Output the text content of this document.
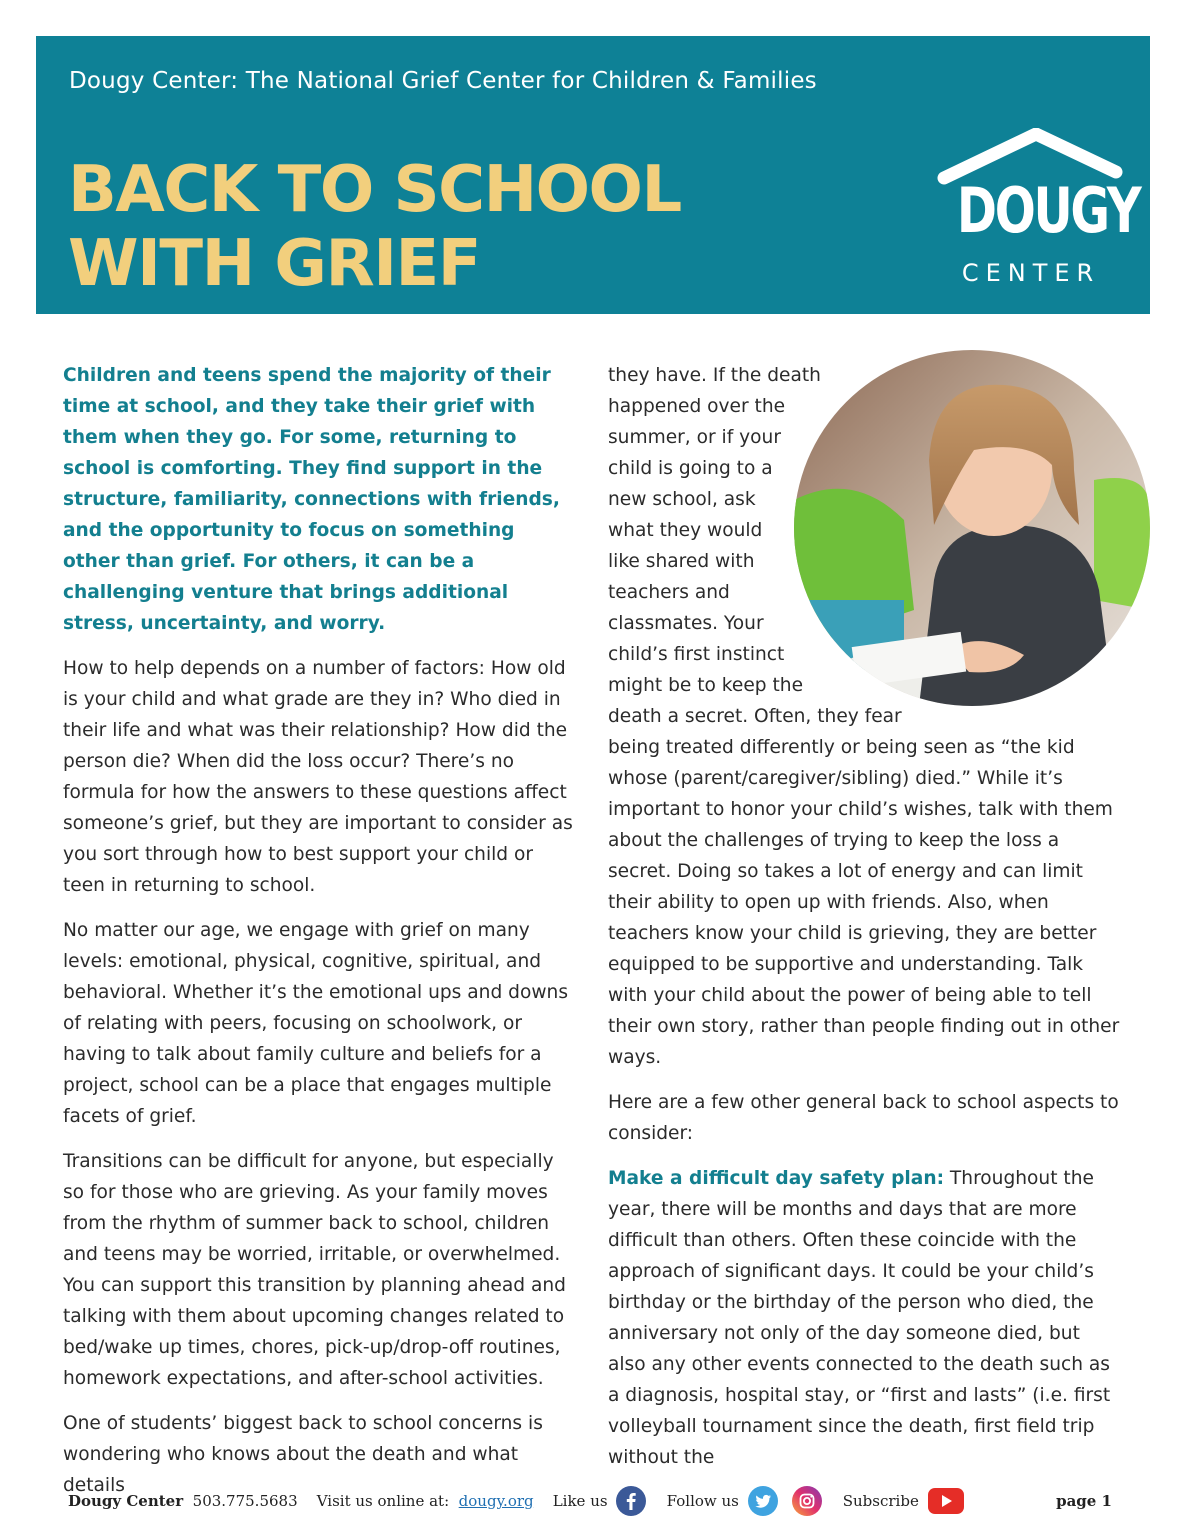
Dougy Center: The National Grief Center for Children & Families
BACK TO SCHOOL
WITH GRIEF
DOUGY
CENTER

Children and teens spend the majority of their time at school, and they take their grief with them when they go. For some, returning to school is comforting. They find support in the structure, familiarity, connections with friends, and the opportunity to focus on something other than grief. For others, it can be a challenging venture that brings additional stress, uncertainty, and worry.

How to help depends on a number of factors: How old is your child and what grade are they in? Who died in their life and what was their relationship? How did the person die? When did the loss occur? There’s no formula for how the answers to these questions affect someone’s grief, but they are important to consider as you sort through how to best support your child or teen in returning to school.

No matter our age, we engage with grief on many levels: emotional, physical, cognitive, spiritual, and behavioral. Whether it’s the emotional ups and downs of relating with peers, focusing on schoolwork, or having to talk about family culture and beliefs for a project, school can be a place that engages multiple facets of grief.

Transitions can be difficult for anyone, but especially so for those who are grieving. As your family moves from the rhythm of summer back to school, children and teens may be worried, irritable, or overwhelmed. You can support this transition by planning ahead and talking with them about upcoming changes related to bed/wake up times, chores, pick-up/drop-off routines, homework expectations, and after-school activities.

One of students’ biggest back to school concerns is wondering who knows about the death and what details

they have. If the death happened over the summer, or if your child is going to a new school, ask what they would like shared with teachers and classmates. Your child’s first instinct might be to keep the death a secret. Often, they fear being treated differently or being seen as “the kid whose (parent/caregiver/sibling) died.” While it’s important to honor your child’s wishes, talk with them about the challenges of trying to keep the loss a secret. Doing so takes a lot of energy and can limit their ability to open up with friends. Also, when teachers know your child is grieving, they are better equipped to be supportive and understanding. Talk with your child about the power of being able to tell their own story, rather than people finding out in other ways.

Here are a few other general back to school aspects to consider:

Make a difficult day safety plan: Throughout the year, there will be months and days that are more difficult than others. Often these coincide with the approach of significant days. It could be your child’s birthday or the birthday of the person who died, the anniversary not only of the day someone died, but also any other events connected to the death such as a diagnosis, hospital stay, or “first and lasts” (i.e. first volleyball tournament since the death, first field trip without the

Dougy Center 503.775.5683 Visit us online at: dougy.org Like us	Follow us	Subscribe	page 1
